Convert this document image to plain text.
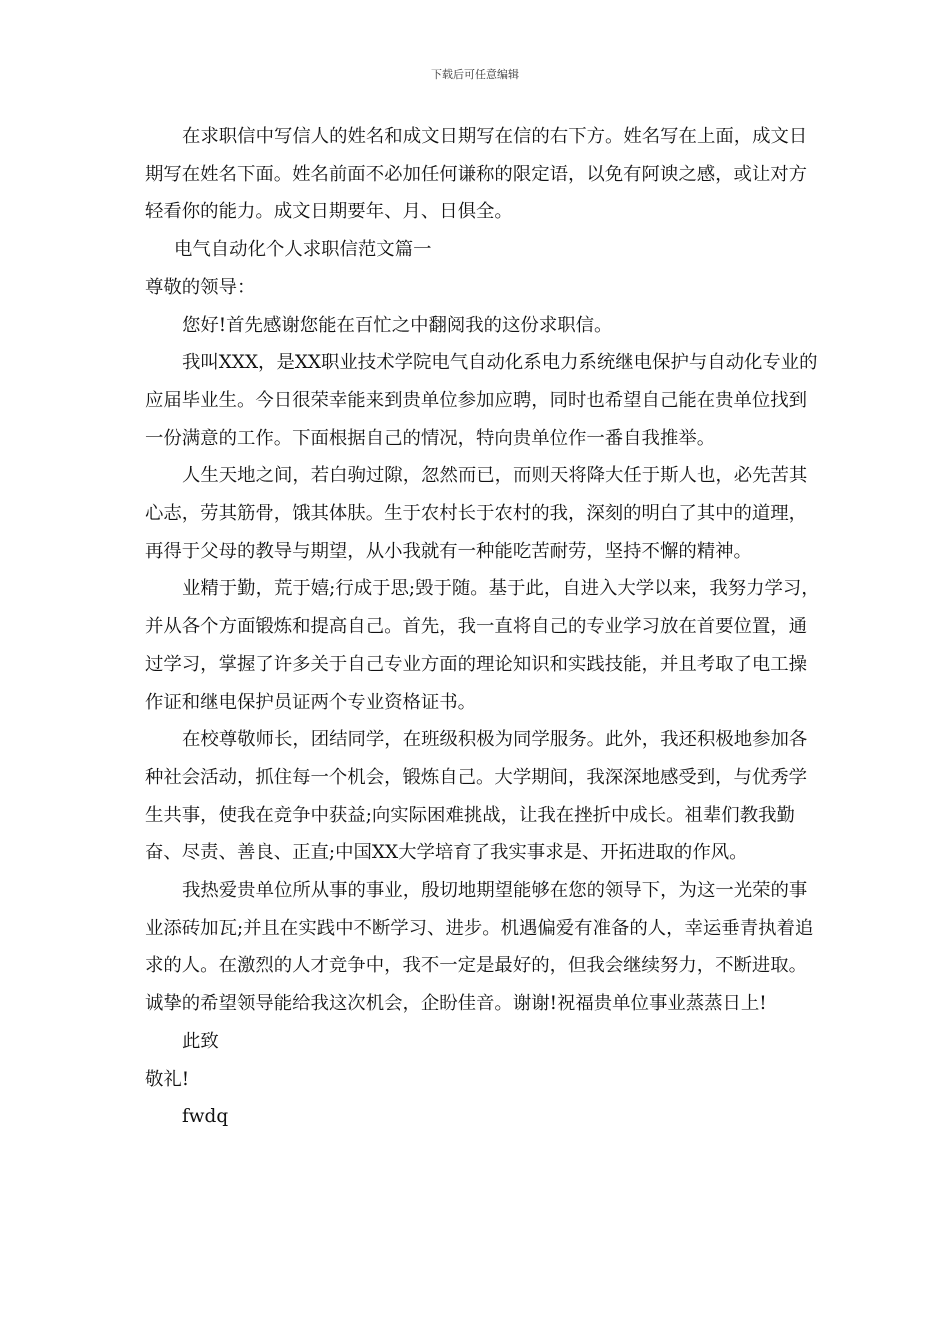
下载后可任意编辑

在求职信中写信人的姓名和成文日期写在信的右下方。姓名写在上面，成文日期写在姓名下面。姓名前面不必加任何谦称的限定语，以免有阿谀之感，或让对方轻看你的能力。成文日期要年、月、日俱全。

电气自动化个人求职信范文篇一

尊敬的领导：

您好!首先感谢您能在百忙之中翻阅我的这份求职信。

我叫XXX，是XX职业技术学院电气自动化系电力系统继电保护与自动化专业的应届毕业生。今日很荣幸能来到贵单位参加应聘，同时也希望自己能在贵单位找到一份满意的工作。下面根据自己的情况，特向贵单位作一番自我推举。

人生天地之间，若白驹过隙，忽然而已，而则天将降大任于斯人也，必先苦其心志，劳其筋骨，饿其体肤。生于农村长于农村的我，深刻的明白了其中的道理，再得于父母的教导与期望，从小我就有一种能吃苦耐劳，坚持不懈的精神。

业精于勤，荒于嬉;行成于思;毁于随。基于此，自进入大学以来，我努力学习，并从各个方面锻炼和提高自己。首先，我一直将自己的专业学习放在首要位置，通过学习，掌握了许多关于自己专业方面的理论知识和实践技能，并且考取了电工操作证和继电保护员证两个专业资格证书。

在校尊敬师长，团结同学，在班级积极为同学服务。此外，我还积极地参加各种社会活动，抓住每一个机会，锻炼自己。大学期间，我深深地感受到，与优秀学生共事，使我在竞争中获益;向实际困难挑战，让我在挫折中成长。祖辈们教我勤奋、尽责、善良、正直;中国XX大学培育了我实事求是、开拓进取的作风。

我热爱贵单位所从事的事业，殷切地期望能够在您的领导下，为这一光荣的事业添砖加瓦;并且在实践中不断学习、进步。机遇偏爱有准备的人，幸运垂青执着追求的人。在激烈的人才竞争中，我不一定是最好的，但我会继续努力，不断进取。诚挚的希望领导能给我这次机会，企盼佳音。谢谢!祝福贵单位事业蒸蒸日上!

此致

敬礼!

fwdq
